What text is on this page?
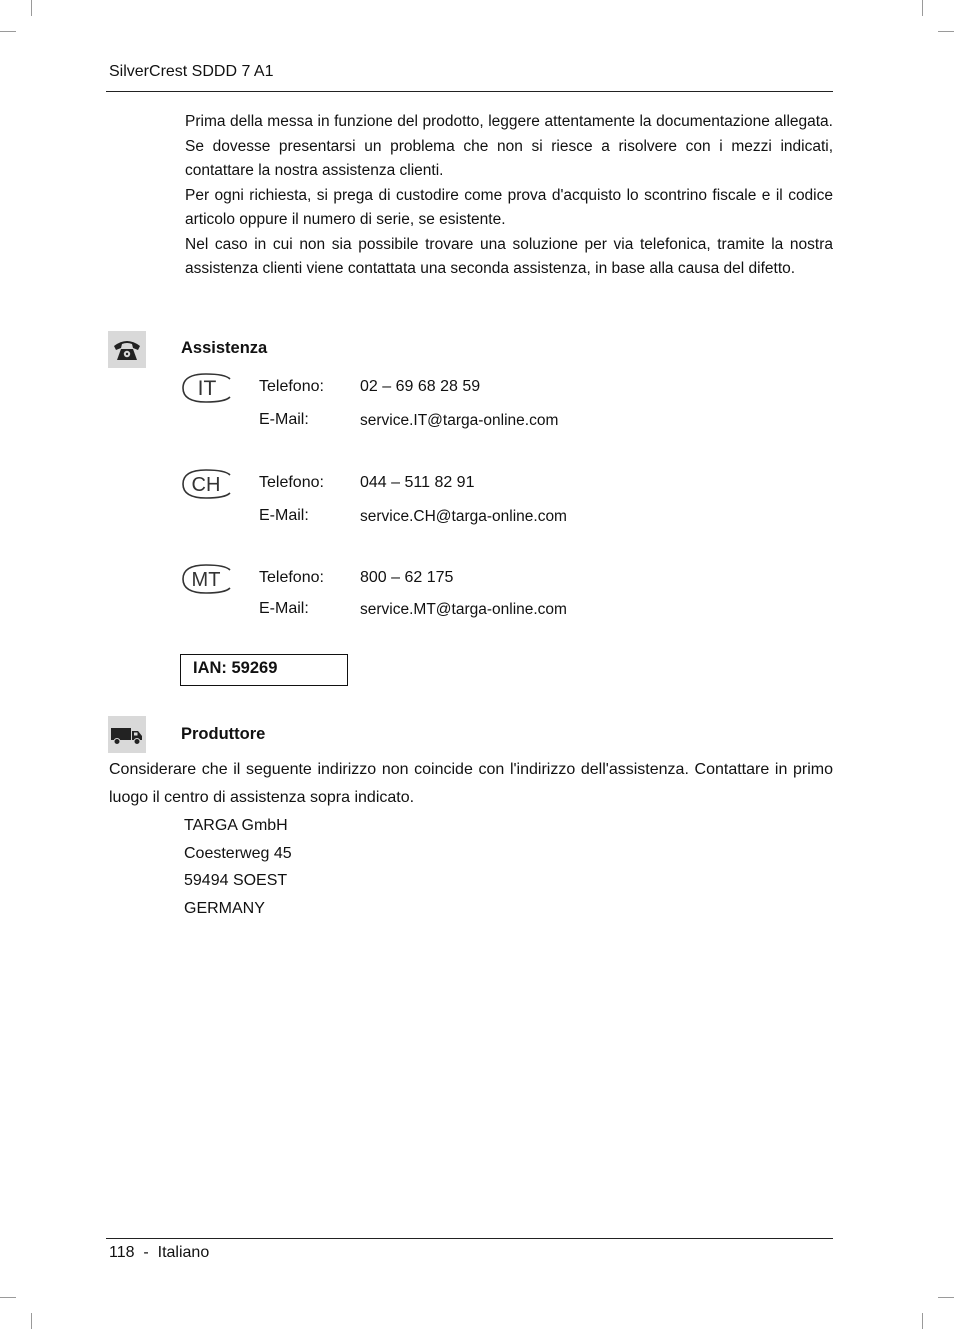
SilverCrest SDDD 7 A1

Prima della messa in funzione del prodotto, leggere attentamente la documentazione allegata. Se dovesse presentarsi un problema che non si riesce a risolvere con i mezzi indicati, contattare la nostra assistenza clienti.

Per ogni richiesta, si prega di custodire come prova d'acquisto lo scontrino fiscale e il codice articolo oppure il numero di serie, se esistente.

Nel caso in cui non sia possibile trovare una soluzione per via telefonica, tramite la nostra assistenza clienti viene contattata una seconda assistenza, in base alla causa del difetto.

Assistenza
IT	Telefono: 02 – 69 68 28 59
E-Mail:	service.IT@targa-online.com
CH Telefono: 044 – 511 82 91
E-Mail:	service.CH@targa-online.com
MT Telefono: 800 – 62 175
E-Mail:	service.MT@targa-online.com
IAN: 59269
Produttore

Considerare che il seguente indirizzo non coincide con l'indirizzo dell'assistenza. Contattare in primo luogo il centro di assistenza sopra indicato.

TARGA GmbH
Coesterweg 45
59494 SOEST
GERMANY
118  -  Italiano
